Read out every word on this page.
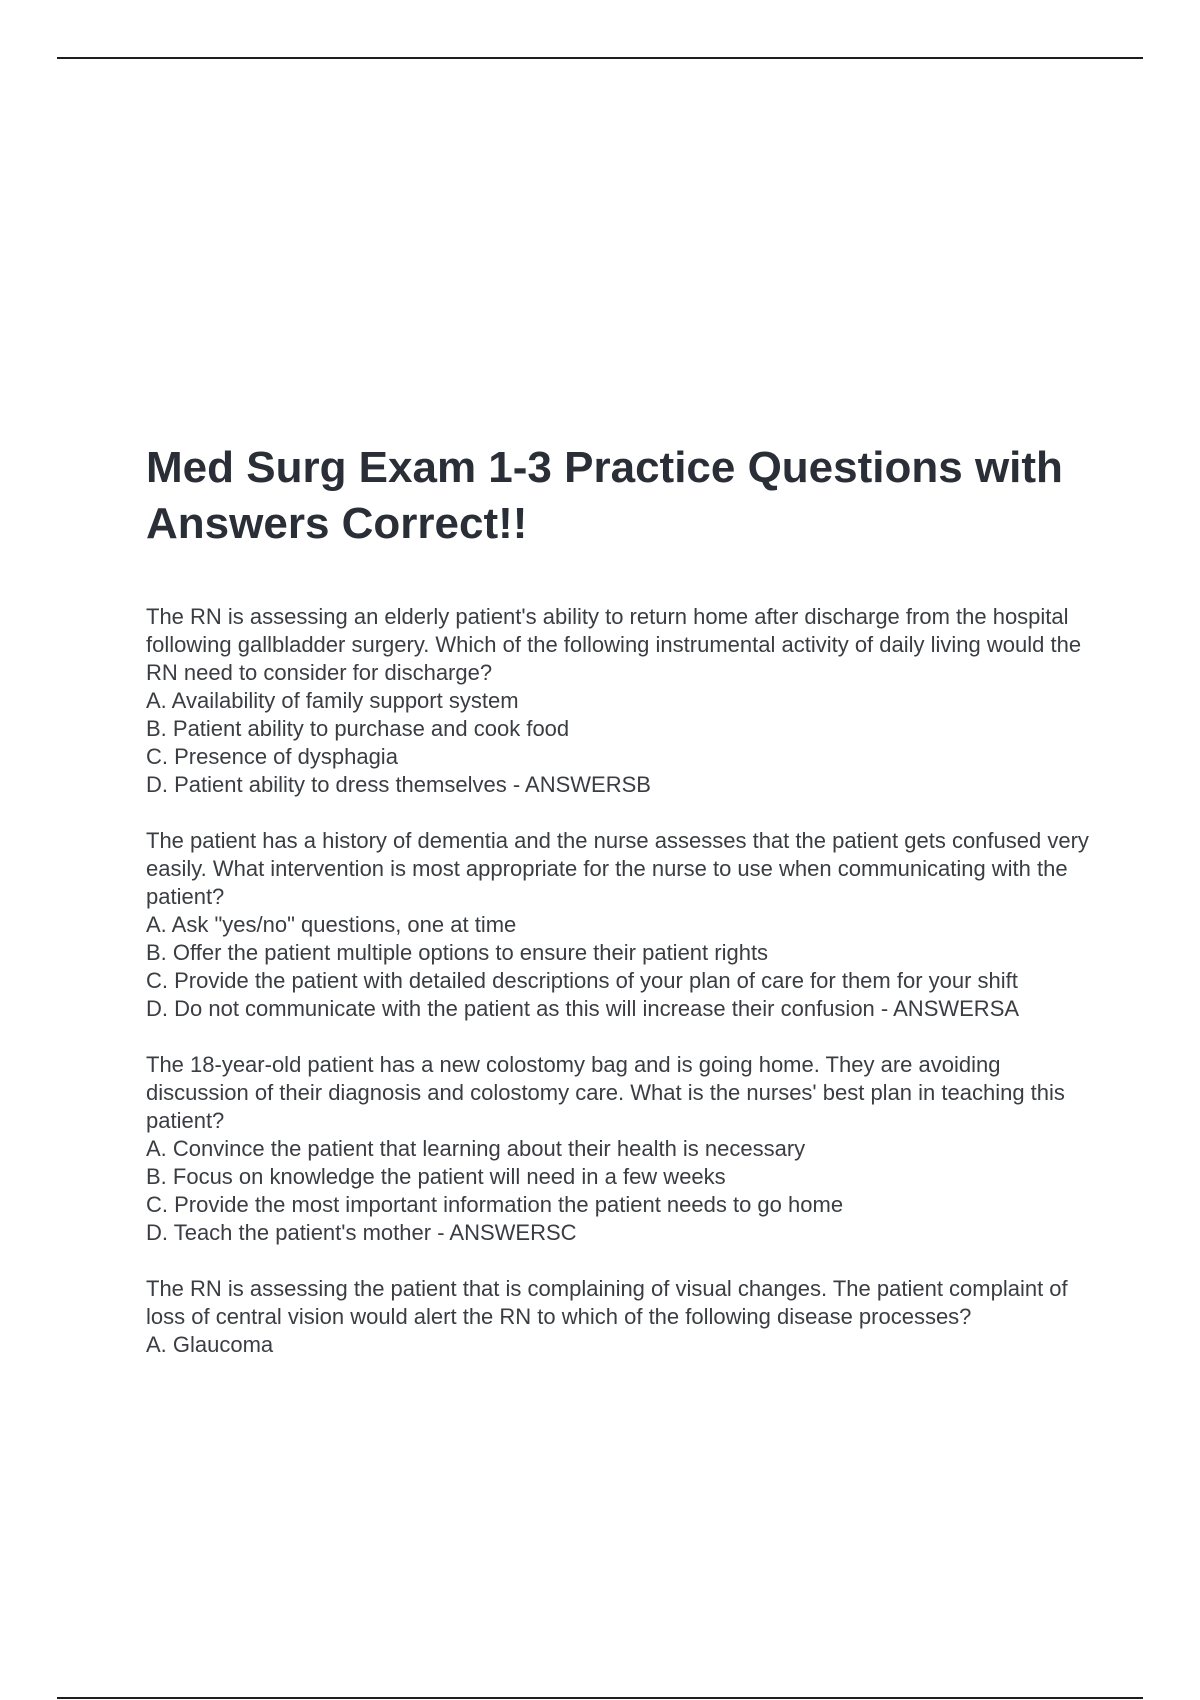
Med Surg Exam 1-3 Practice Questions with Answers Correct!!
The RN is assessing an elderly patient's ability to return home after discharge from the hospital following gallbladder surgery. Which of the following instrumental activity of daily living would the RN need to consider for discharge?
A. Availability of family support system
B. Patient ability to purchase and cook food
C. Presence of dysphagia
D. Patient ability to dress themselves - ANSWERSB
The patient has a history of dementia and the nurse assesses that the patient gets confused very easily. What intervention is most appropriate for the nurse to use when communicating with the patient?
A. Ask "yes/no" questions, one at time
B. Offer the patient multiple options to ensure their patient rights
C. Provide the patient with detailed descriptions of your plan of care for them for your shift
D. Do not communicate with the patient as this will increase their confusion - ANSWERSA
The 18-year-old patient has a new colostomy bag and is going home. They are avoiding discussion of their diagnosis and colostomy care. What is the nurses' best plan in teaching this patient?
A. Convince the patient that learning about their health is necessary
B. Focus on knowledge the patient will need in a few weeks
C. Provide the most important information the patient needs to go home
D. Teach the patient's mother - ANSWERSC
The RN is assessing the patient that is complaining of visual changes. The patient complaint of loss of central vision would alert the RN to which of the following disease processes?
A. Glaucoma
